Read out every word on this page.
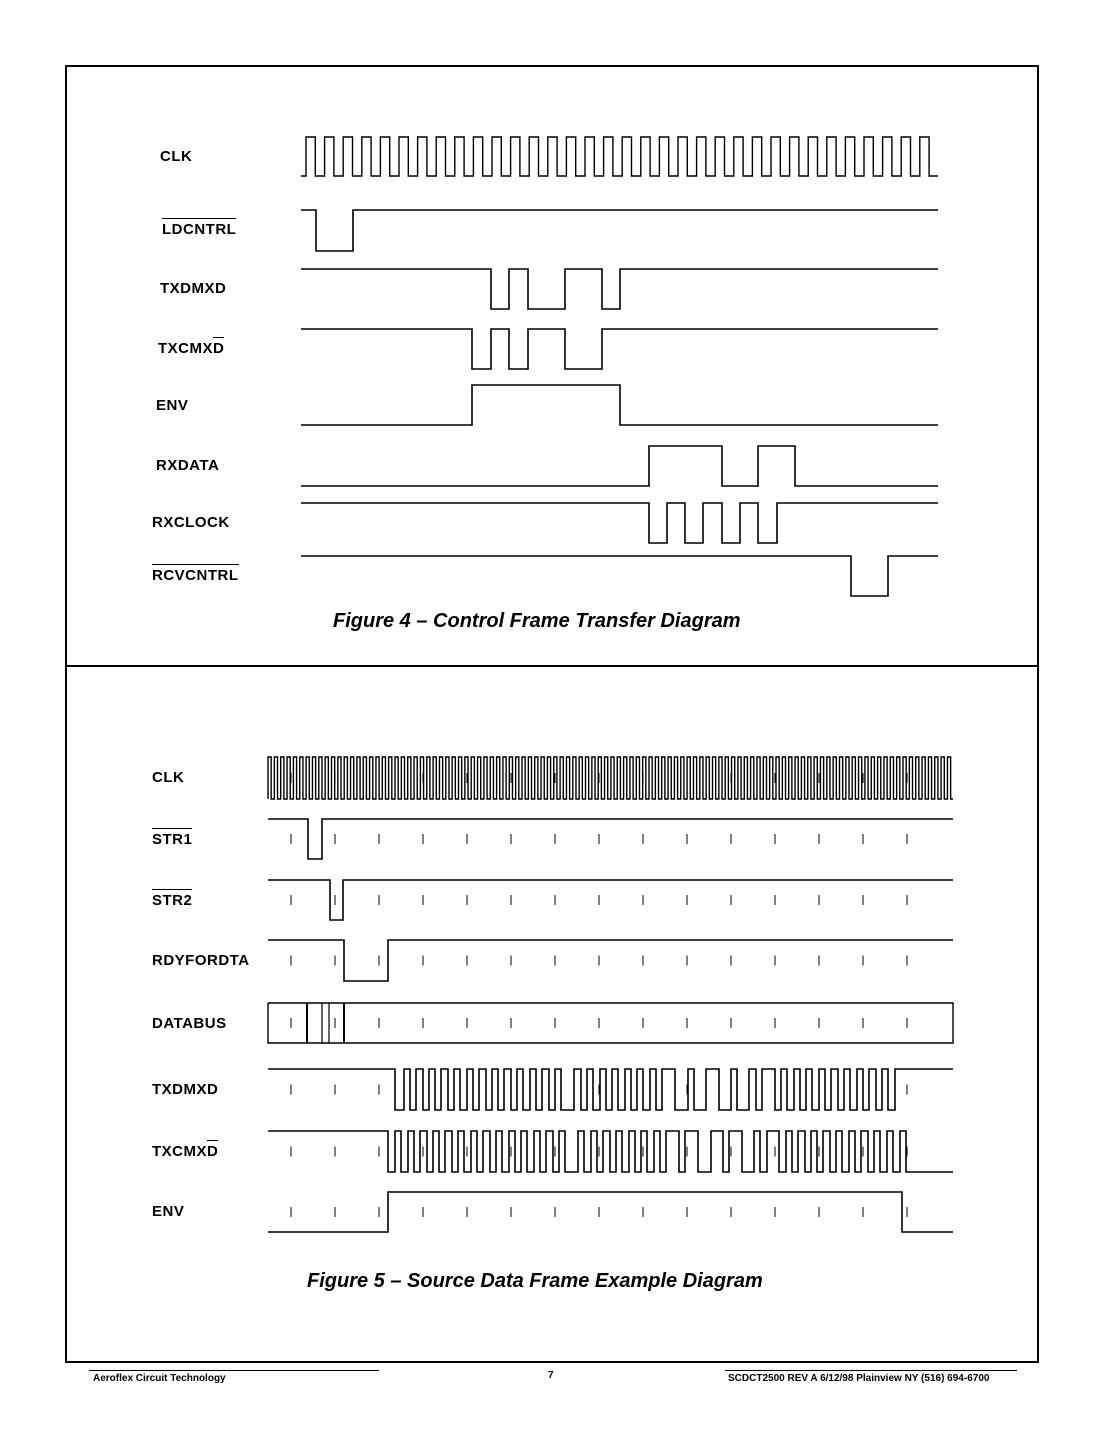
CLK
LDCNTRL
TXDMXD
TXCMXD
ENV
RXDATA
RXCLOCK
RCVCNTRL
CLK
STR1
STR2
RDYFORDTA
DATABUS
TXDMXD
TXCMXD
ENV
Figure 4 – Control Frame Transfer Diagram
Figure 5 – Source Data Frame Example Diagram
Aeroflex Circuit Technology	7	SCDCT2500 REV A 6/12/98 Plainview NY (516) 694-6700
